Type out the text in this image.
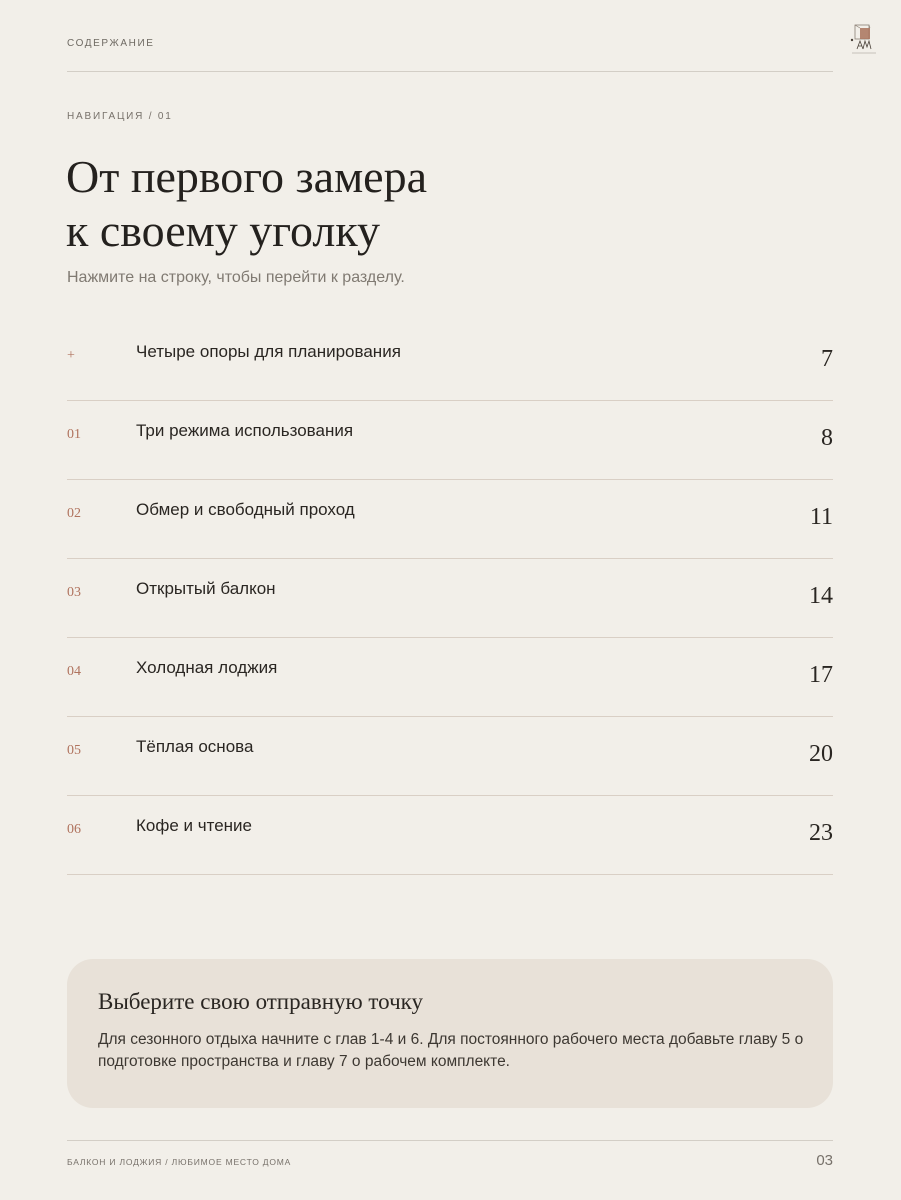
СОДЕРЖАНИЕ
НАВИГАЦИЯ / 01
От первого замера
к своему уголку
Нажмите на строку, чтобы перейти к разделу.
+	Четыре опоры для планирования	7
01	Три режима использования	8
02	Обмер и свободный проход	11
03	Открытый балкон	14
04	Холодная лоджия	17
05	Тёплая основа	20
06	Кофе и чтение	23
Выберите свою отправную точку
Для сезонного отдыха начните с глав 1-4 и 6. Для постоянного рабочего места добавьте главу 5 о подготовке пространства и главу 7 о рабочем комплекте.
БАЛКОН И ЛОДЖИЯ / ЛЮБИМОЕ МЕСТО ДОМА	03
